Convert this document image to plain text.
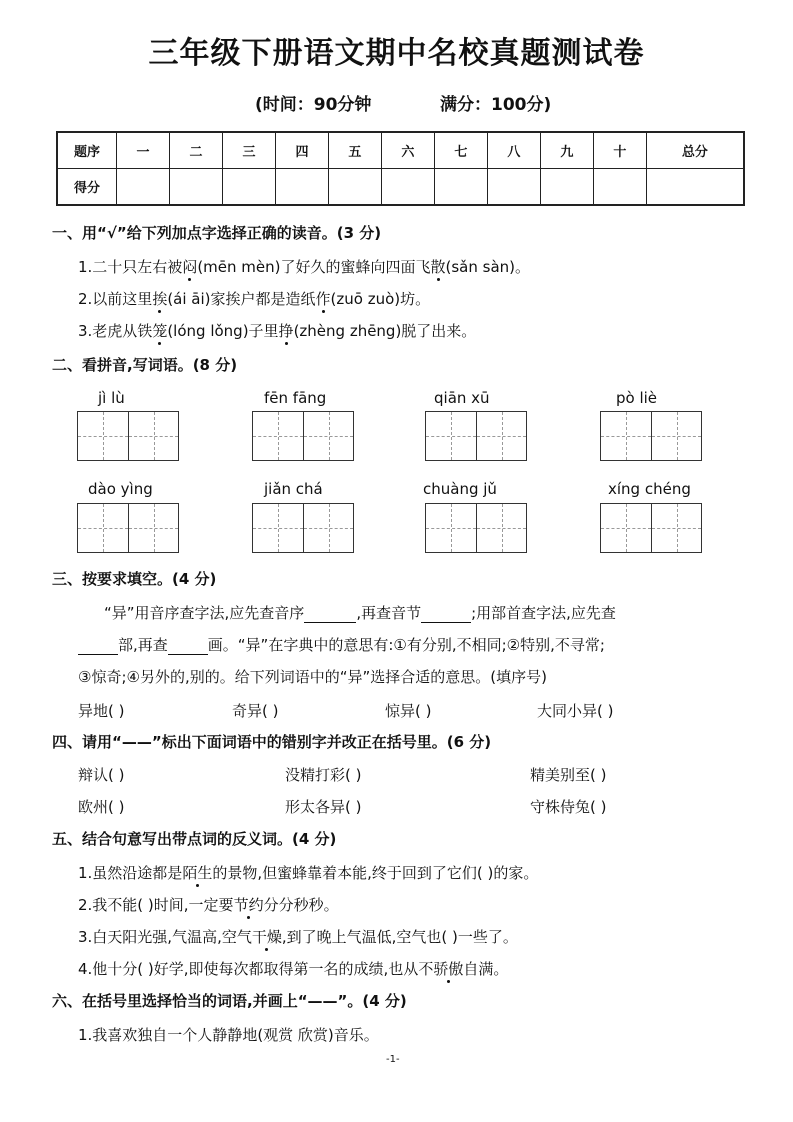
三年级下册语文期中名校真题测试卷
(时间：90分钟	满分：100分)
题序	一	二	三	四	五	六	七	八	九	十	总分
得分											
一、用“√”给下列加点字选择正确的读音。(3 分)
1.二十只左右被闷(mēn mèn)了好久的蜜蜂向四面飞散(sǎn sàn)。
2.以前这里挨(ái āi)家挨户都是造纸作(zuō zuò)坊。
3.老虎从铁笼(lóng lǒng)子里挣(zhèng zhēng)脱了出来。
二、看拼音,写词语。(8 分)
jì lù	fēn fāng	qiān xū	pò liè
dào yìng	jiǎn chá	chuàng jǔ	xíng chéng
三、按要求填空。(4 分)
“异”用音序查字法,应先查音序	,再查音节	;用部首查字法,应先查
部,再查	画。“异”在字典中的意思有:①有分别,不相同;②特别,不寻常;
③惊奇;④另外的,别的。给下列词语中的“异”选择合适的意思。(填序号)
异地( )	奇异( )	惊异( )	大同小异( )
四、请用“——”标出下面词语中的错别字并改正在括号里。(6 分)
辩认( )	没精打彩( )	精美别至( )
欧州( )	形太各异( )	守株侍兔( )
五、结合句意写出带点词的反义词。(4 分)
1.虽然沿途都是陌生的景物,但蜜蜂靠着本能,终于回到了它们( )的家。
2.我不能( )时间,一定要节约分分秒秒。
3.白天阳光强,气温高,空气干燥,到了晚上气温低,空气也( )一些了。
4.他十分( )好学,即使每次都取得第一名的成绩,也从不骄傲自满。
六、在括号里选择恰当的词语,并画上“——”。(4 分)
1.我喜欢独自一个人静静地(观赏 欣赏)音乐。
-1-
